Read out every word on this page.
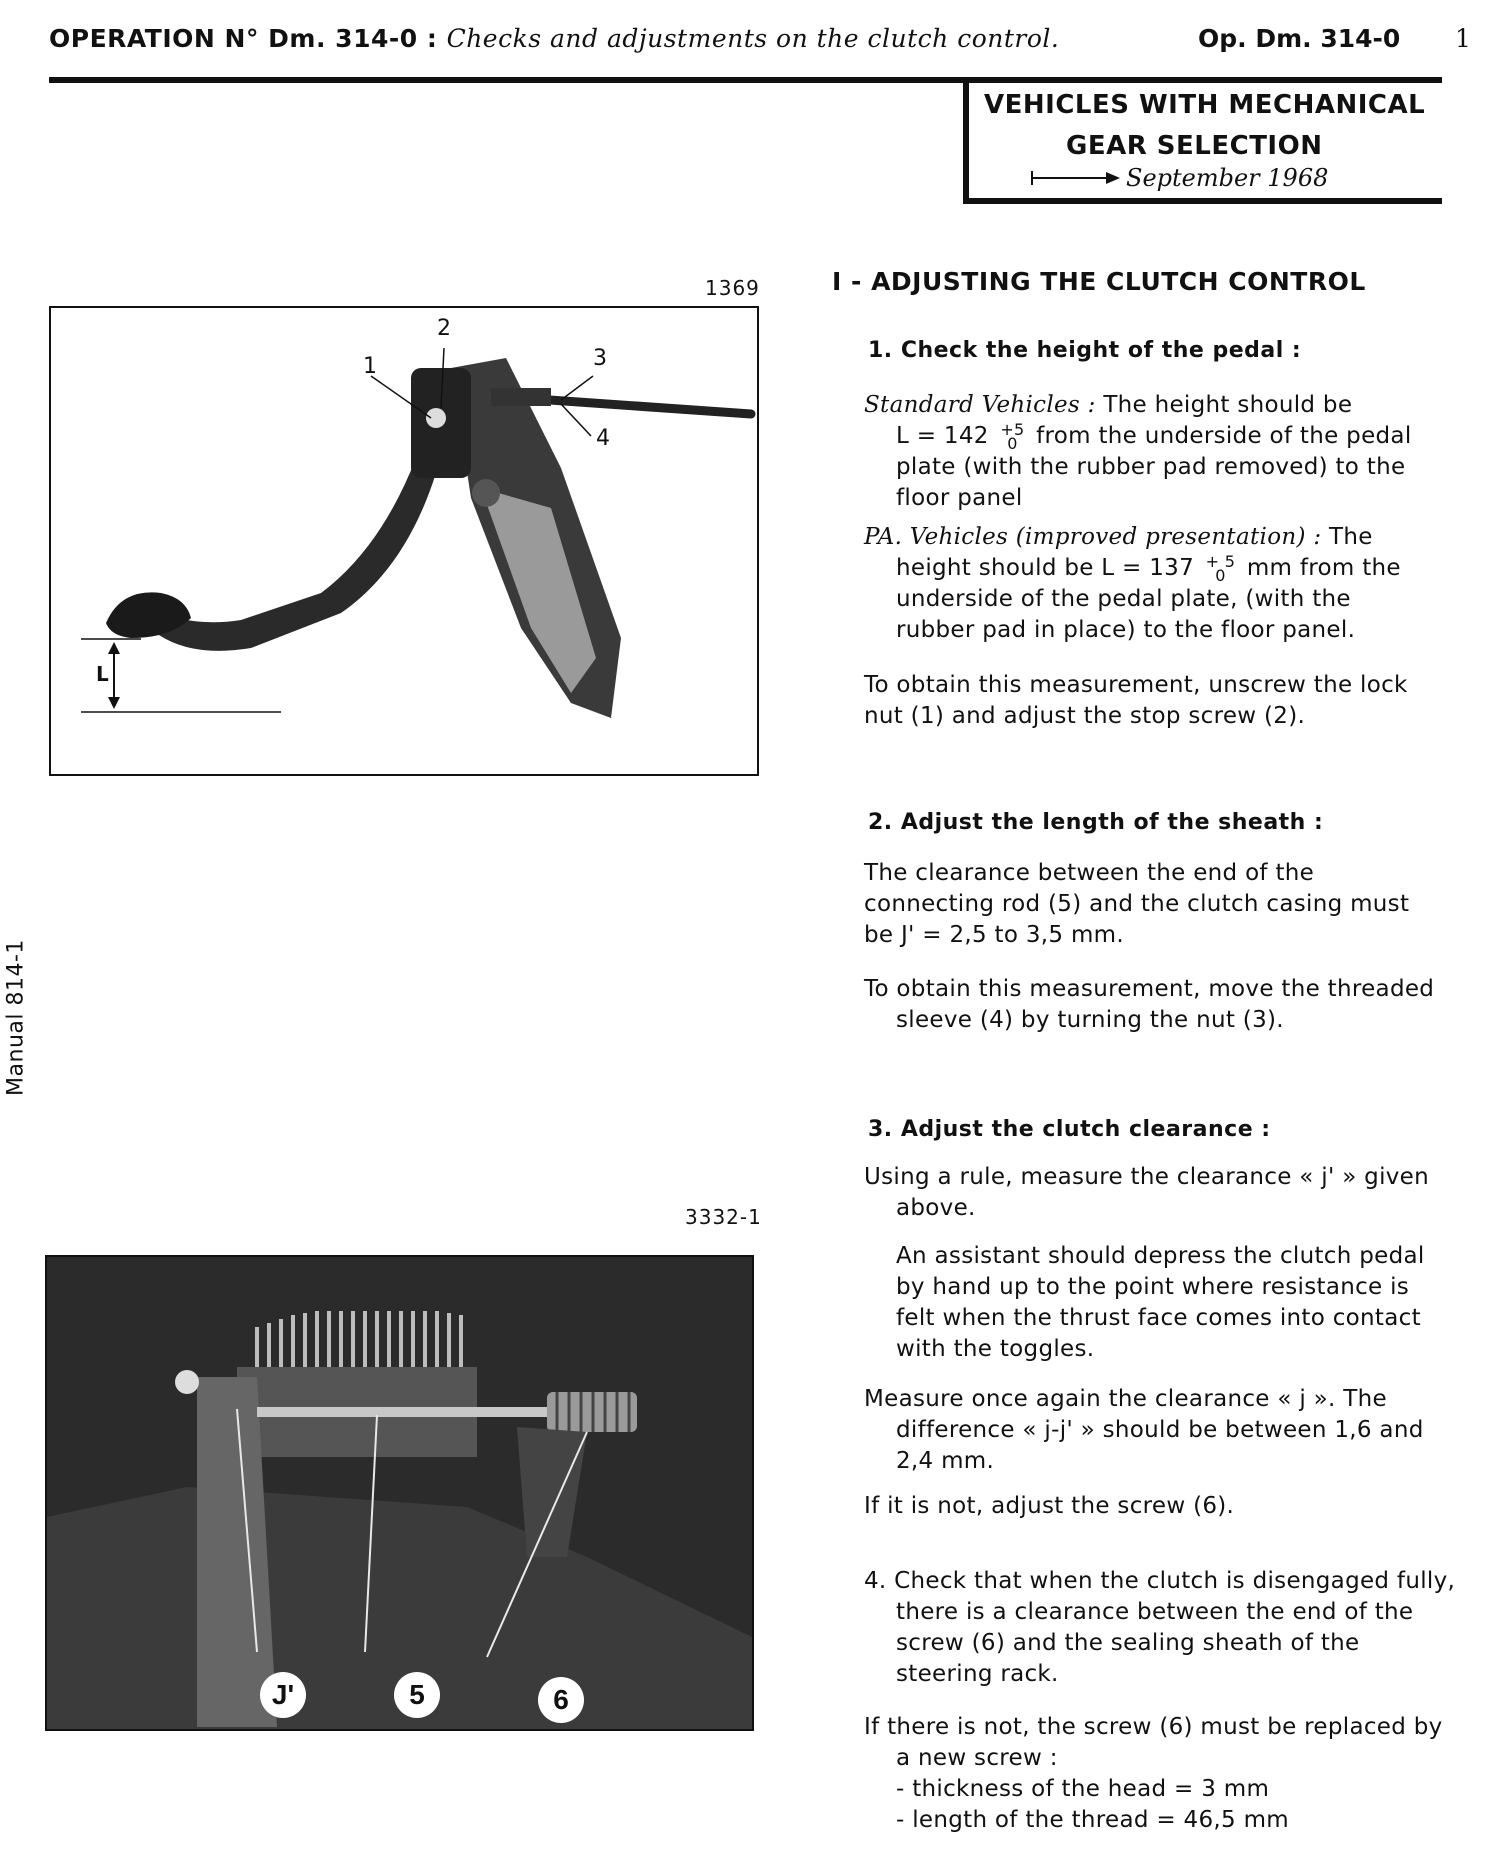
OPERATION N° Dm. 314-0 : Checks and adjustments on the clutch control.	Op. Dm. 314-0 1
VEHICLES WITH MECHANICAL
GEAR SELECTION
September 1968
Manual 814-1
1369
1
2
3
4
L
3332-1
J'	5	6
I - ADJUSTING THE CLUTCH CONTROL
1. Check the height of the pedal :
Standard Vehicles : The height should be
L = 142 +5
0 from the underside of the pedal
plate (with the rubber pad removed) to the
floor panel
PA. Vehicles (improved presentation) : The
height should be L = 137 + 5
0 mm from the
underside of the pedal plate, (with the
rubber pad in place) to the floor panel.
To obtain this measurement, unscrew the lock
nut (1) and adjust the stop screw (2).
2. Adjust the length of the sheath :
The clearance between the end of the
connecting rod (5) and the clutch casing must
be J' = 2,5 to 3,5 mm.
To obtain this measurement, move the threaded
sleeve (4) by turning the nut (3).
3. Adjust the clutch clearance :
Using a rule, measure the clearance « j' » given
above.
An assistant should depress the clutch pedal
by hand up to the point where resistance is
felt when the thrust face comes into contact
with the toggles.
Measure once again the clearance « j ». The
difference « j-j' » should be between 1,6 and
2,4 mm.
If it is not, adjust the screw (6).
4. Check that when the clutch is disengaged fully,
there is a clearance between the end of the
screw (6) and the sealing sheath of the
steering rack.
If there is not, the screw (6) must be replaced by
a new screw :
- thickness of the head = 3 mm
- length of the thread = 46,5 mm
